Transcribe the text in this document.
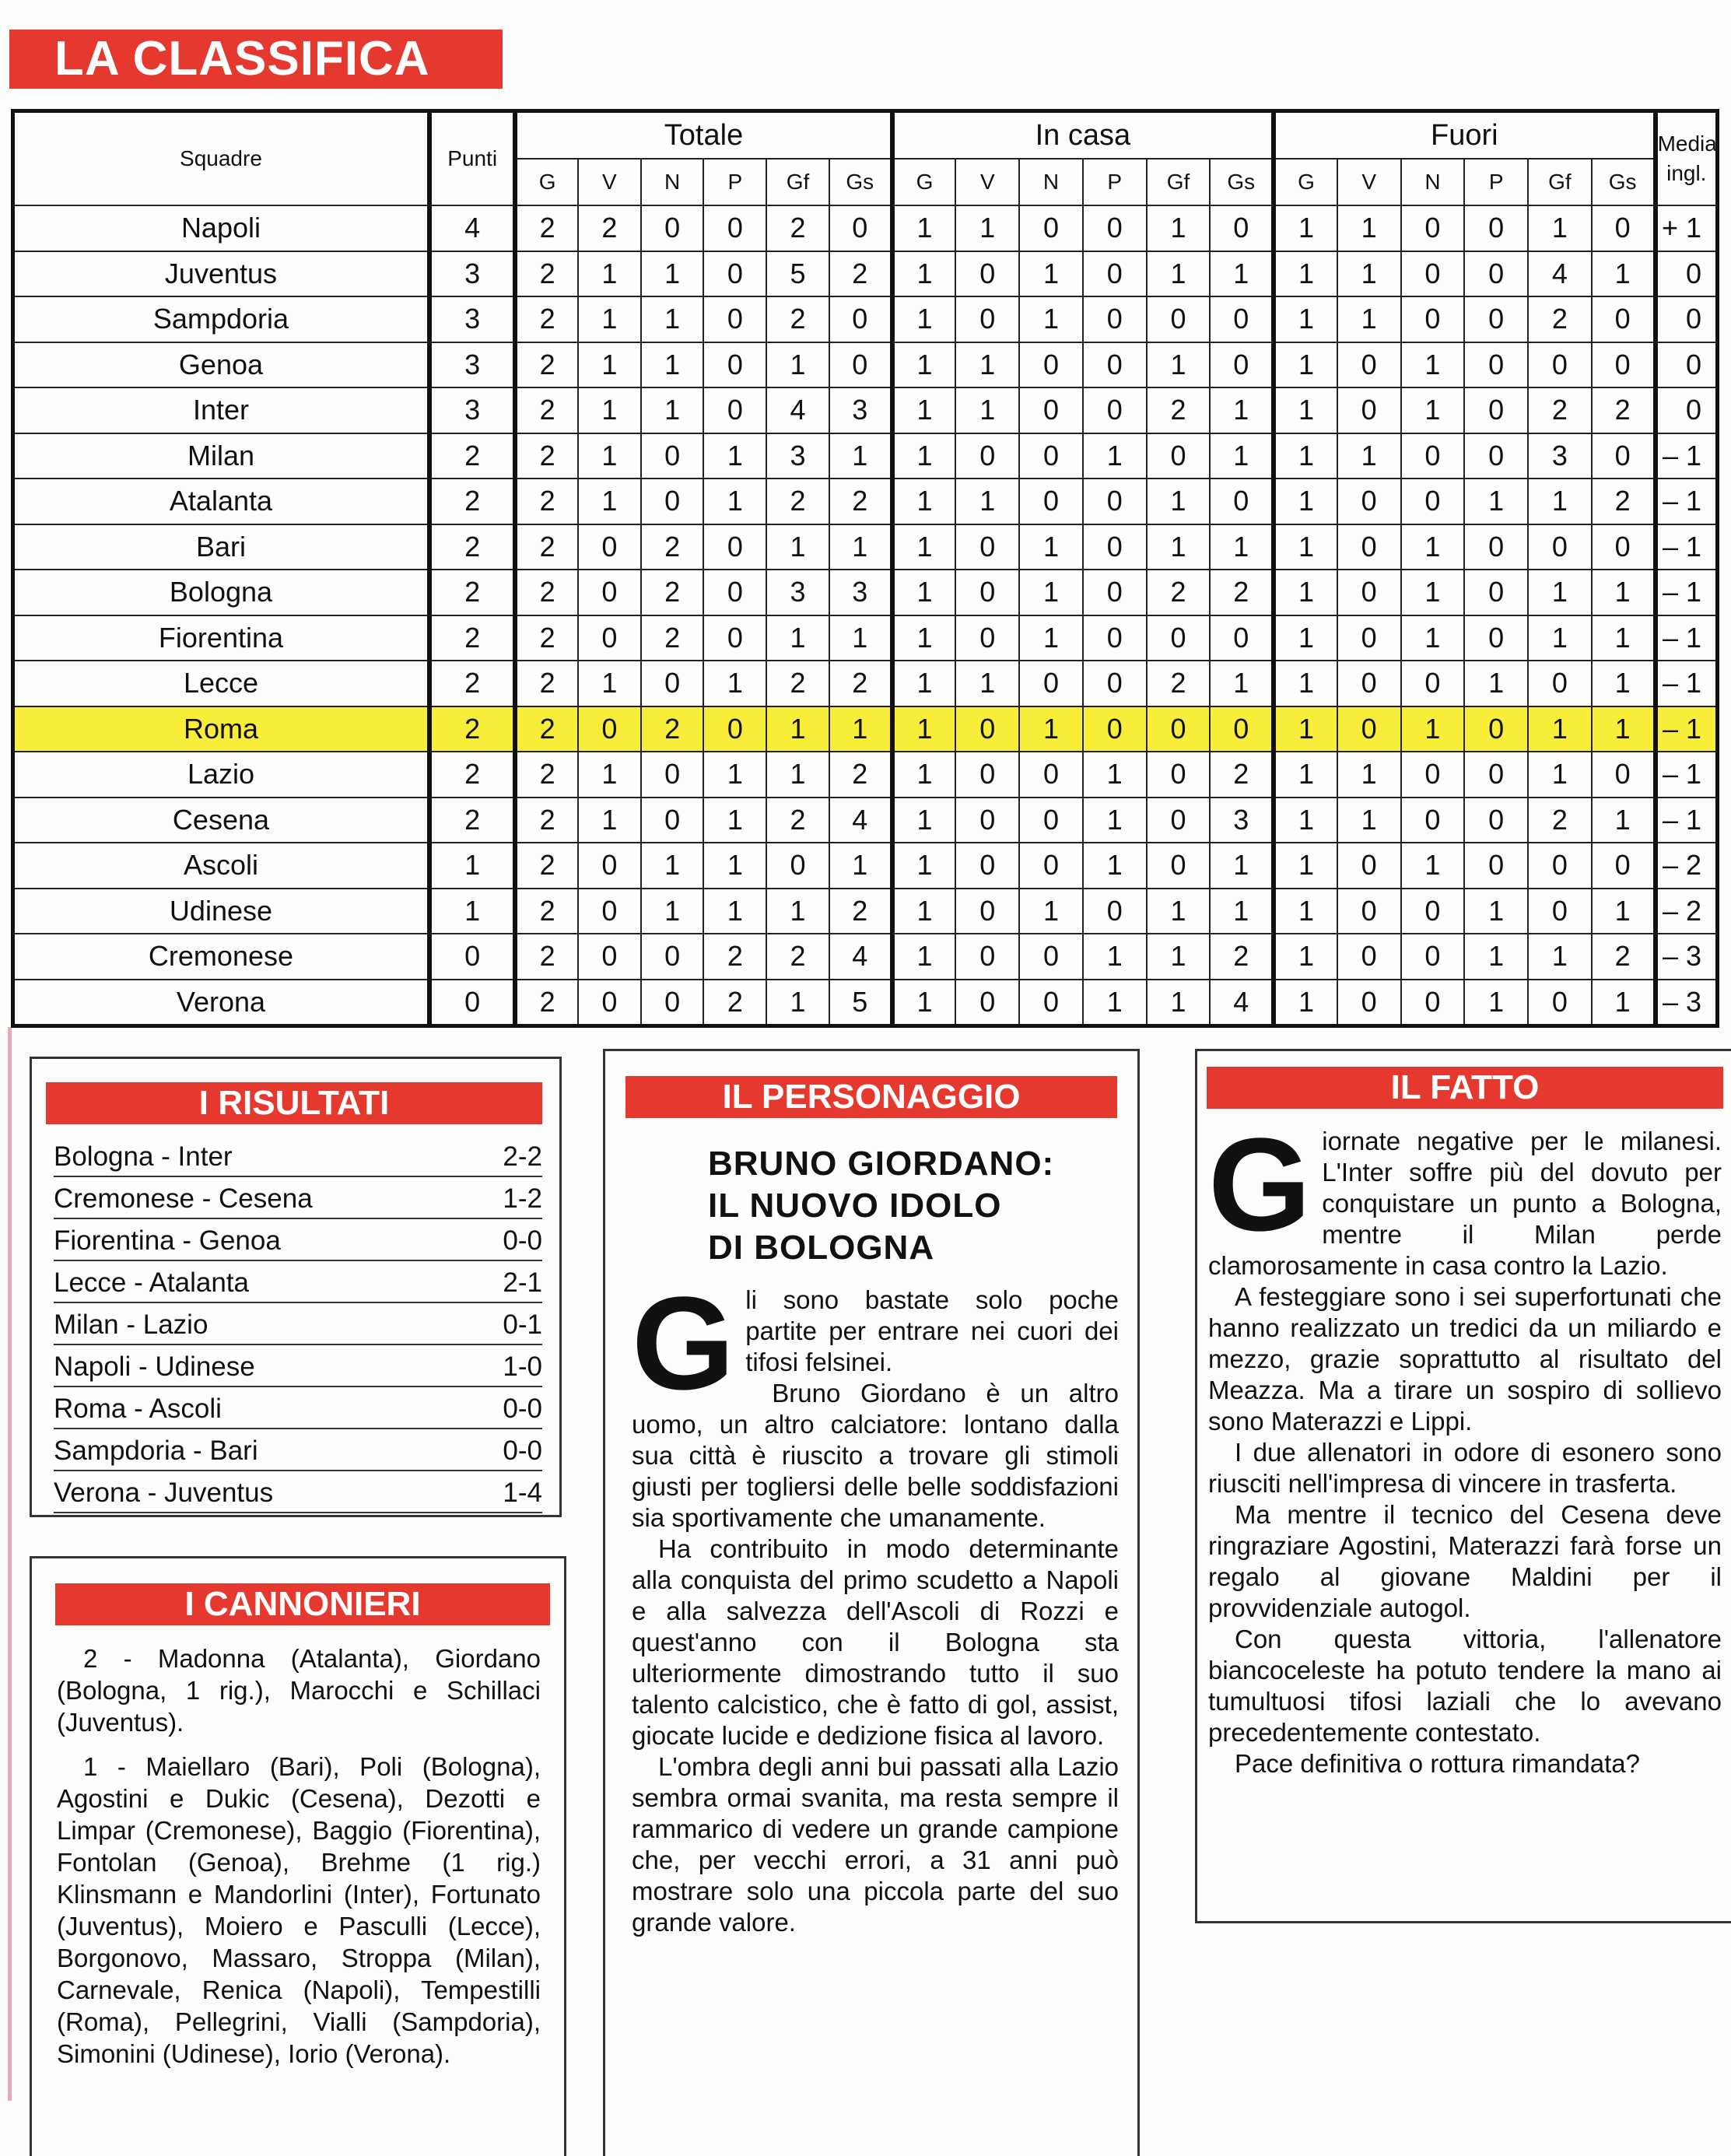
LA CLASSIFICA
Squadre	Punti	Totale						In casa						Fuori						Media
ingl.
		G	V	N	P	Gf	Gs	G	V	N	P	Gf	Gs	G	V	N	P	Gf	Gs	
Napoli	4	2	2	0	0	2	0	1	1	0	0	1	0	1	1	0	0	1	0	+ 1
Juventus	3	2	1	1	0	5	2	1	0	1	0	1	1	1	1	0	0	4	1	0
Sampdoria	3	2	1	1	0	2	0	1	0	1	0	0	0	1	1	0	0	2	0	0
Genoa	3	2	1	1	0	1	0	1	1	0	0	1	0	1	0	1	0	0	0	0
Inter	3	2	1	1	0	4	3	1	1	0	0	2	1	1	0	1	0	2	2	0
Milan	2	2	1	0	1	3	1	1	0	0	1	0	1	1	1	0	0	3	0	– 1
Atalanta	2	2	1	0	1	2	2	1	1	0	0	1	0	1	0	0	1	1	2	– 1
Bari	2	2	0	2	0	1	1	1	0	1	0	1	1	1	0	1	0	0	0	– 1
Bologna	2	2	0	2	0	3	3	1	0	1	0	2	2	1	0	1	0	1	1	– 1
Fiorentina	2	2	0	2	0	1	1	1	0	1	0	0	0	1	0	1	0	1	1	– 1
Lecce	2	2	1	0	1	2	2	1	1	0	0	2	1	1	0	0	1	0	1	– 1
Roma	2	2	0	2	0	1	1	1	0	1	0	0	0	1	0	1	0	1	1	– 1
Lazio	2	2	1	0	1	1	2	1	0	0	1	0	2	1	1	0	0	1	0	– 1
Cesena	2	2	1	0	1	2	4	1	0	0	1	0	3	1	1	0	0	2	1	– 1
Ascoli	1	2	0	1	1	0	1	1	0	0	1	0	1	1	0	1	0	0	0	– 2
Udinese	1	2	0	1	1	1	2	1	0	1	0	1	1	1	0	0	1	0	1	– 2
Cremonese	0	2	0	0	2	2	4	1	0	0	1	1	2	1	0	0	1	1	2	– 3
Verona	0	2	0	0	2	1	5	1	0	0	1	1	4	1	0	0	1	0	1	– 3
I RISULTATI
Bologna - Inter	2-2
Cremonese - Cesena	1-2
Fiorentina - Genoa	0-0
Lecce - Atalanta	2-1
Milan - Lazio	0-1
Napoli - Udinese	1-0
Roma - Ascoli	0-0
Sampdoria - Bari	0-0
Verona - Juventus	1-4
I CANNONIERI

2 - Madonna (Atalanta), Giordano (Bologna, 1 rig.), Marocchi e Schillaci (Juventus).

1 - Maiellaro (Bari), Poli (Bologna), Agostini e Dukic (Cesena), Dezotti e Limpar (Cremonese), Baggio (Fiorentina), Fontolan (Genoa), Brehme (1 rig.) Klinsmann e Mandorlini (Inter), Fortunato (Juventus), Moiero e Pasculli (Lecce), Borgonovo, Massaro, Stroppa (Milan), Carnevale, Renica (Napoli), Tempestilli (Roma), Pellegrini, Vialli (Sampdoria), Simonini (Udinese), Iorio (Verona).

IL PERSONAGGIO
BRUNO GIORDANO:
IL NUOVO IDOLO
DI BOLOGNA
G li sono bastate solo poche partite per entrare nei cuori dei tifosi felsinei.

Bruno Giordano è un altro uomo, un altro calciatore: lontano dalla sua città è riuscito a trovare gli stimoli giusti per togliersi delle belle soddisfazioni sia sportivamente che umanamente.

Ha contribuito in modo determinante alla conquista del primo scudetto a Napoli e alla salvezza dell'Ascoli di Rozzi e quest'anno con il Bologna sta ulteriormente dimostrando tutto il suo talento calcistico, che è fatto di gol, assist, giocate lucide e dedizione fisica al lavoro.

L'ombra degli anni bui passati alla Lazio sembra ormai svanita, ma resta sempre il rammarico di vedere un grande campione che, per vecchi errori, a 31 anni può mostrare solo una piccola parte del suo grande valore.

IL FATTO
G iornate negative per le milanesi. L'Inter soffre più del dovuto per conquistare un punto a Bologna, mentre il Milan perde clamorosamente in casa contro la Lazio.

A festeggiare sono i sei superfortunati che hanno realizzato un tredici da un miliardo e mezzo, grazie soprattutto al risultato del Meazza. Ma a tirare un sospiro di sollievo sono Materazzi e Lippi.

I due allenatori in odore di esonero sono riusciti nell'impresa di vincere in trasferta.

Ma mentre il tecnico del Cesena deve ringraziare Agostini, Materazzi farà forse un regalo al giovane Maldini per il provvidenziale autogol.

Con questa vittoria, l'allenatore biancoceleste ha potuto tendere la mano ai tumultuosi tifosi laziali che lo avevano precedentemente contestato.

Pace definitiva o rottura rimandata?
